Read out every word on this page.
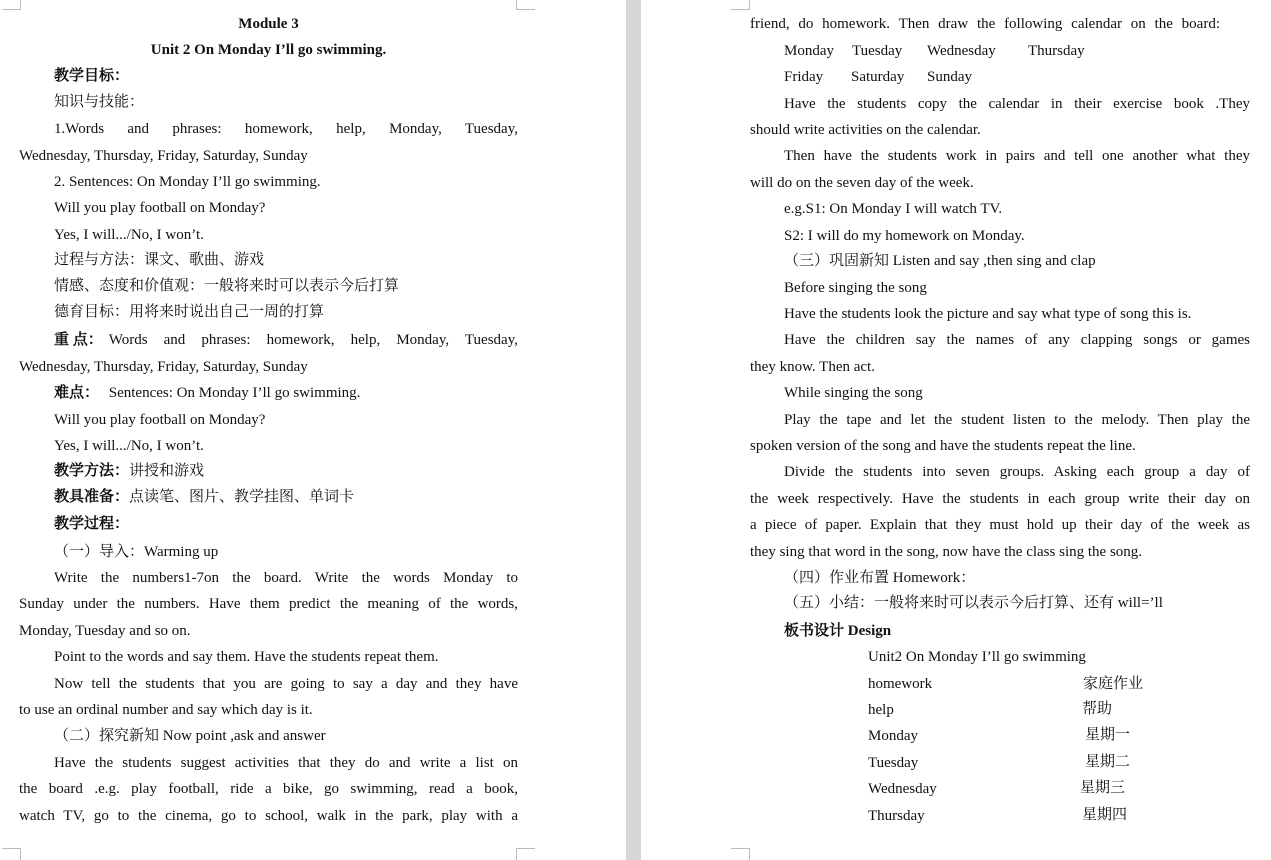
Module 3
Unit 2 On Monday I’ll go swimming.
教学目标：
知识与技能：
1.Words and phrases: homework, help, Monday, Tuesday,
Wednesday, Thursday, Friday, Saturday, Sunday
2. Sentences: On Monday I’ll go swimming.
Will you play football on Monday?
Yes, I will.../No, I won’t.
过程与方法：课文、歌曲、游戏
情感、态度和价值观：一般将来时可以表示今后打算
德育目标：用将来时说出自己一周的打算
重 点： Words and phrases: homework, help, Monday, Tuesday,
Wednesday, Thursday, Friday, Saturday, Sunday
难点： Sentences: On Monday I’ll go swimming.
Will you play football on Monday?
Yes, I will.../No, I won’t.
教学方法：讲授和游戏
教具准备：点读笔、图片、教学挂图、单词卡
教学过程：
（一）导入：Warming up
Write the numbers1-7on the board. Write the words Monday to
Sunday under the numbers. Have them predict the meaning of the words,
Monday, Tuesday and so on.
Point to the words and say them. Have the students repeat them.
Now tell the students that you are going to say a day and they have
to use an ordinal number and say which day is it.
（二）探究新知 Now point ,ask and answer
Have the students suggest activities that they do and write a list on
the board .e.g. play football, ride a bike, go swimming, read a book,
watch TV, go to the cinema, go to school, walk in the park, play with a
friend, do homework. Then draw the following calendar on the board:
Monday Tuesday Wednesday Thursday
Friday Saturday Sunday
Have the students copy the calendar in their exercise book .They
should write activities on the calendar.
Then have the students work in pairs and tell one another what they
will do on the seven day of the week.
e.g.S1: On Monday I will watch TV.
S2: I will do my homework on Monday.
（三）巩固新知 Listen and say ,then sing and clap
Before singing the song
Have the students look the picture and say what type of song this is.
Have the children say the names of any clapping songs or games
they know. Then act.
While singing the song
Play the tape and let the student listen to the melody. Then play the
spoken version of the song and have the students repeat the line.
Divide the students into seven groups. Asking each group a day of
the week respectively. Have the students in each group write their day on
a piece of paper. Explain that they must hold up their day of the week as
they sing that word in the song, now have the class sing the song.
（四）作业布置 Homework：
（五）小结：一般将来时可以表示今后打算、还有 will=’ll
板书设计 Design
Unit2 On Monday I’ll go swimming
homework	家庭作业
help	帮助
Monday	星期一
Tuesday	星期二
Wednesday	星期三
Thursday	星期四
